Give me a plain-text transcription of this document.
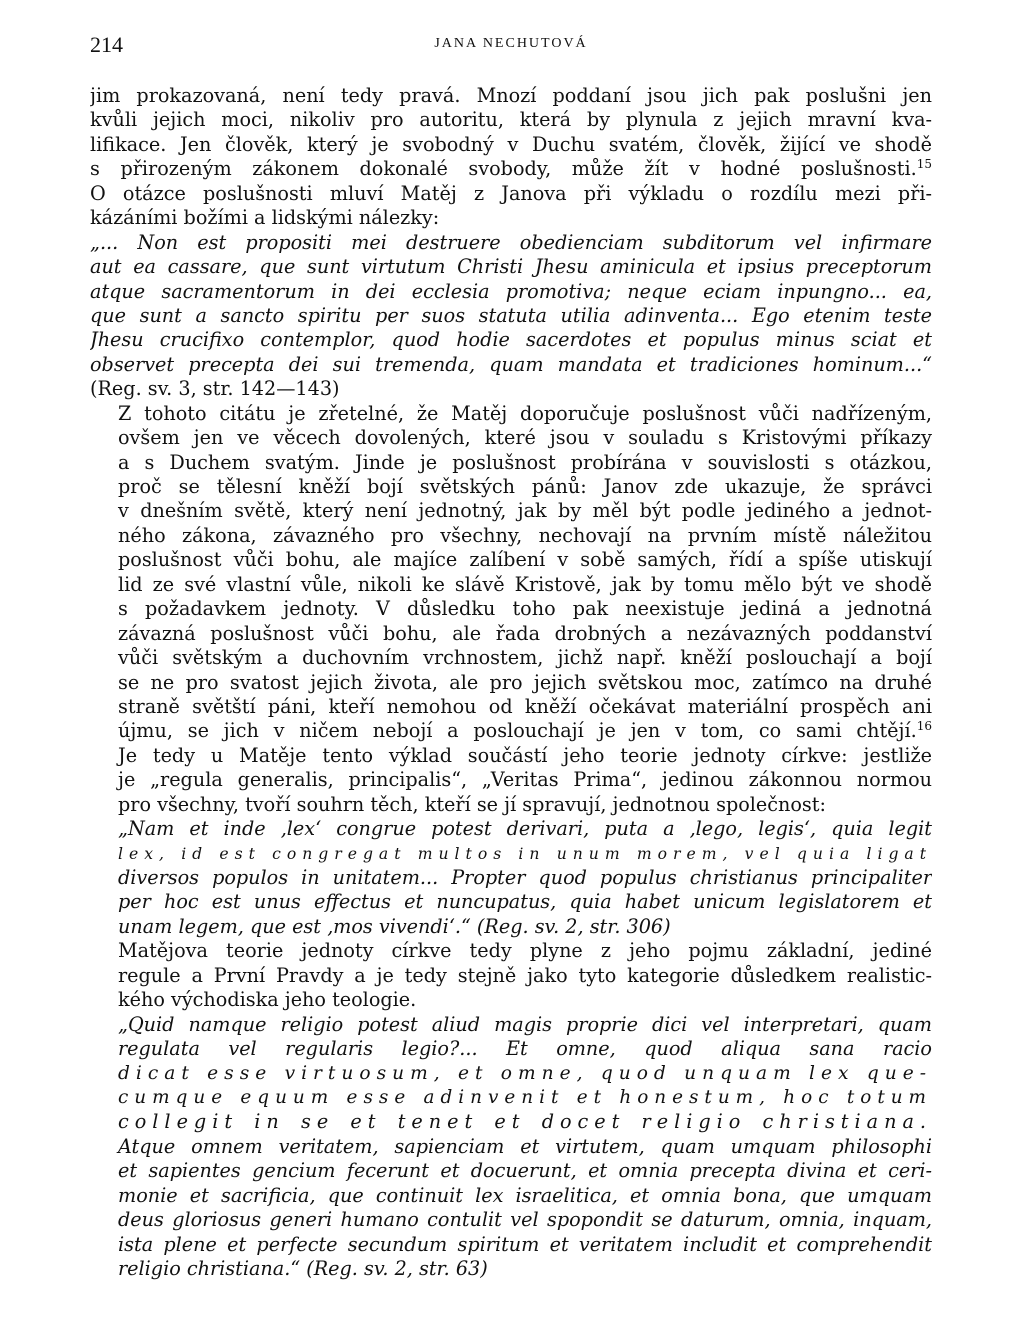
214	JANA NECHUTOVÁ
jim prokazovaná, není tedy pravá. Mnozí poddaní jsou jich pak poslušni jen
kvůli jejich moci, nikoliv pro autoritu, která by plynula z jejich mravní kva-
lifikace. Jen člověk, který je svobodný v Duchu svatém, člověk, žijící ve shodě
s přirozeným zákonem dokonalé svobody, může žít v hodné poslušnosti.$^{15}$
O otázce poslušnosti mluví Matěj z Janova při výkladu o rozdílu mezi při-
kázáními božími a lidskými nálezky:
„... Non est propositi mei destruere obedienciam subditorum vel infirmare
aut ea cassare, que sunt virtutum Christi Jhesu aminicula et ipsius preceptorum
atque sacramentorum in dei ecclesia promotiva; neque eciam inpungno... ea,
que sunt a sancto spiritu per suos statuta utilia adinventa... Ego etenim teste
Jhesu crucifixo contemplor, quod hodie sacerdotes et populus minus sciat et
observet precepta dei sui tremenda, quam mandata et tradiciones hominum...“
(Reg. sv. 3, str. 142—143)
Z tohoto citátu je zřetelné, že Matěj doporučuje poslušnost vůči nadřízeným,
ovšem jen ve věcech dovolených, které jsou v souladu s Kristovými příkazy
a s Duchem svatým. Jinde je poslušnost probírána v souvislosti s otázkou,
proč se tělesní kněží bojí světských pánů: Janov zde ukazuje, že správci
v dnešním světě, který není jednotný, jak by měl být podle jediného a jednot-
ného zákona, závazného pro všechny, nechovají na prvním místě náležitou
poslušnost vůči bohu, ale majíce zalíbení v sobě samých, řídí a spíše utiskují
lid ze své vlastní vůle, nikoli ke slávě Kristově, jak by tomu mělo být ve shodě
s požadavkem jednoty. V důsledku toho pak neexistuje jediná a jednotná
závazná poslušnost vůči bohu, ale řada drobných a nezávazných poddanství
vůči světským a duchovním vrchnostem, jichž např. kněží poslouchají a bojí
se ne pro svatost jejich života, ale pro jejich světskou moc, zatímco na druhé
straně světští páni, kteří nemohou od kněží očekávat materiální prospěch ani
újmu, se jich v ničem nebojí a poslouchají je jen v tom, co sami chtějí.$^{16}$
Je tedy u Matěje tento výklad součástí jeho teorie jednoty církve: jestliže
je „regula generalis, principalis“, „Veritas Prima“, jedinou zákonnou normou
pro všechny, tvoří souhrn těch, kteří se jí spravují, jednotnou společnost:
„Nam et inde ‚lex‘ congrue potest derivari, puta a ‚lego, legis‘, quia legit
lex, id est congregat multos in unum morem, vel quia ligat
diversos populos in unitatem... Propter quod populus christianus principaliter
per hoc est unus effectus et nuncupatus, quia habet unicum legislatorem et
unam legem, que est ‚mos vivendi‘.“ (Reg. sv. 2, str. 306)
Matějova teorie jednoty církve tedy plyne z jeho pojmu základní, jediné
regule a První Pravdy a je tedy stejně jako tyto kategorie důsledkem realistic-
kého východiska jeho teologie.
„Quid namque religio potest aliud magis proprie dici vel interpretari, quam
regulata vel regularis legio?... Et omne, quod aliqua sana racio
dicat esse virtuosum, et omne, quod unquam lex que-
cumque equum esse adinvenit et honestum, hoc totum
collegit in se et tenet et docet religio christiana.
Atque omnem veritatem, sapienciam et virtutem, quam umquam philosophi
et sapientes gencium fecerunt et docuerunt, et omnia precepta divina et ceri-
monie et sacrificia, que continuit lex israelitica, et omnia bona, que umquam
deus gloriosus generi humano contulit vel spopondit se daturum, omnia, inquam,
ista plene et perfecte secundum spiritum et veritatem includit et comprehendit
religio christiana.“ (Reg. sv. 2, str. 63)
